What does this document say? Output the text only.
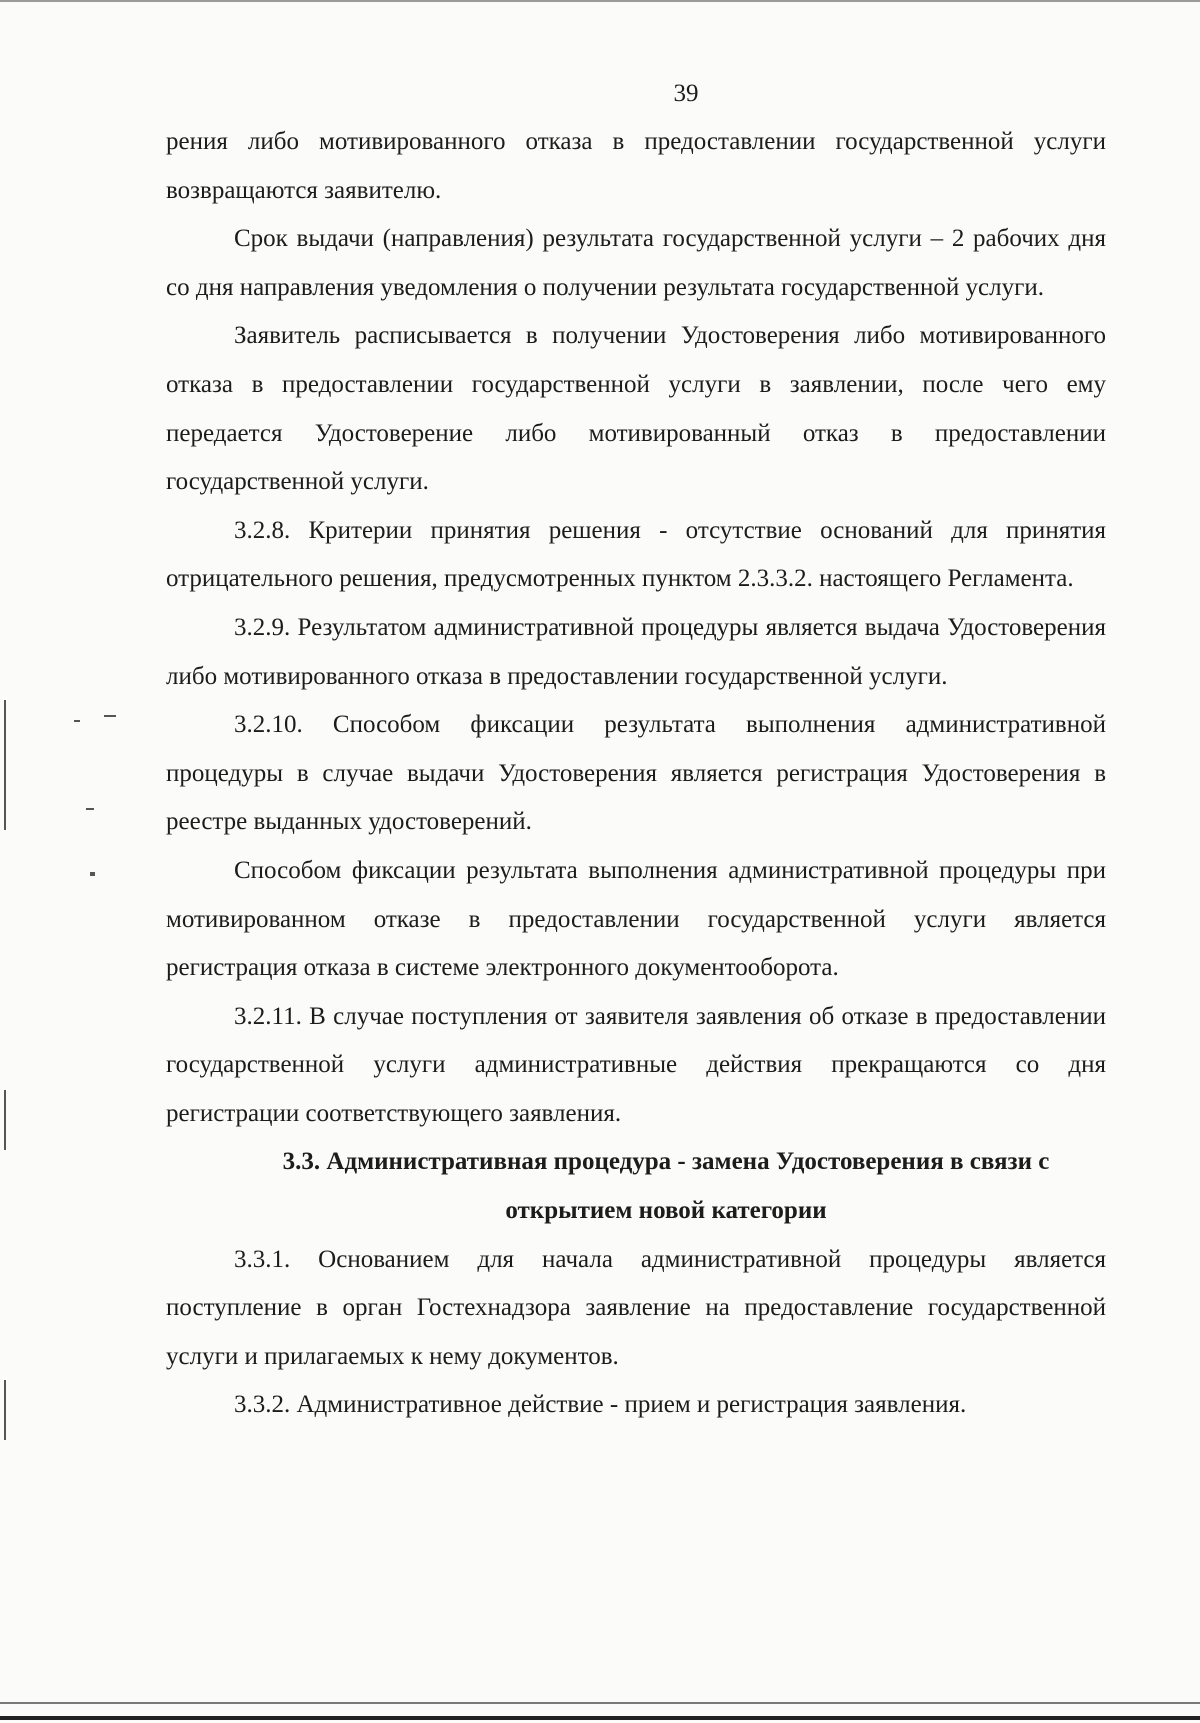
39

рения либо мотивированного отказа в предоставлении государственной услуги возвращаются заявителю.

Срок выдачи (направления) результата государственной услуги – 2 рабочих дня со дня направления уведомления о получении результата государственной услуги.

Заявитель расписывается в получении Удостоверения либо мотивированного отказа в предоставлении государственной услуги в заявлении, после чего ему передается Удостоверение либо мотивированный отказ в предоставлении государственной услуги.

3.2.8. Критерии принятия решения - отсутствие оснований для принятия отрицательного решения, предусмотренных пунктом 2.3.3.2. настоящего Регламента.

3.2.9. Результатом административной процедуры является выдача Удостоверения либо мотивированного отказа в предоставлении государственной услуги.

3.2.10. Способом фиксации результата выполнения административной процедуры в случае выдачи Удостоверения является регистрация Удостоверения в реестре выданных удостоверений.

Способом фиксации результата выполнения административной процедуры при мотивированном отказе в предоставлении государственной услуги является регистрация отказа в системе электронного документооборота.

3.2.11. В случае поступления от заявителя заявления об отказе в предоставлении государственной услуги административные действия прекращаются со дня регистрации соответствующего заявления.

3.3. Административная процедура - замена Удостоверения в связи с открытием новой категории

3.3.1. Основанием для начала административной процедуры является поступление в орган Гостехнадзора заявление на предоставление государственной услуги и прилагаемых к нему документов.

3.3.2. Административное действие - прием и регистрация заявления.
